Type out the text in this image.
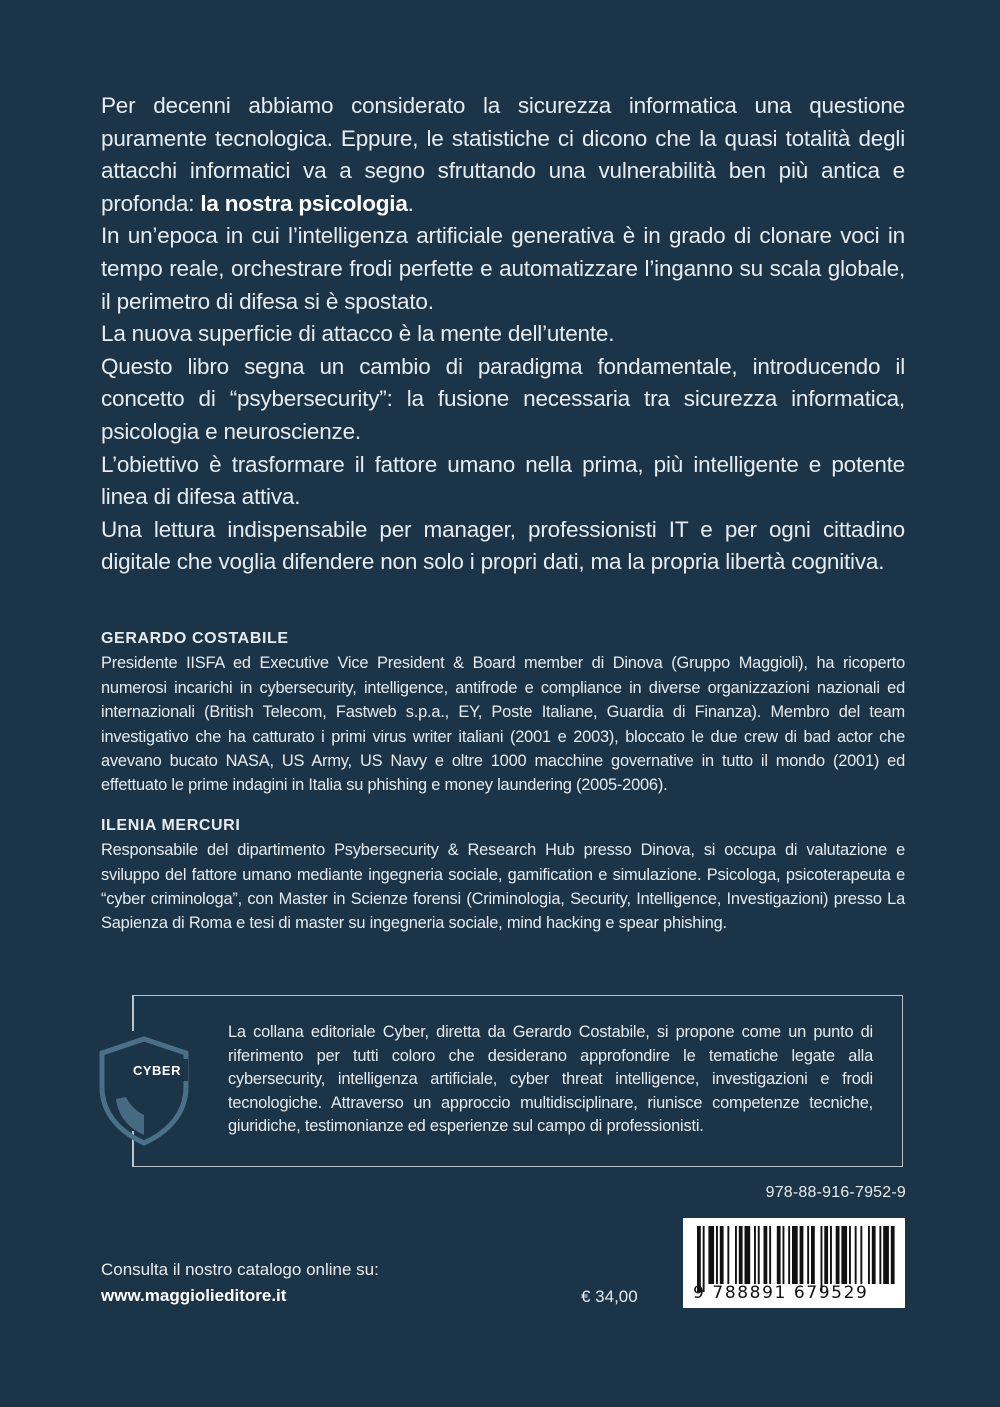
Per decenni abbiamo considerato la sicurezza informatica una questione puramente tecnologica. Eppure, le statistiche ci dicono che la quasi totalità degli attacchi informatici va a segno sfruttando una vulnerabilità ben più antica e profonda: la nostra psicologia.

In un’epoca in cui l’intelligenza artificiale generativa è in grado di clonare voci in tempo reale, orchestrare frodi perfette e automatizzare l’inganno su scala globale, il perimetro di difesa si è spostato.

La nuova superficie di attacco è la mente dell’utente.

Questo libro segna un cambio di paradigma fondamentale, introducendo il concetto di “psybersecurity”: la fusione necessaria tra sicurezza informatica, psicologia e neuroscienze.

L’obiettivo è trasformare il fattore umano nella prima, più intelligente e potente linea di difesa attiva.

Una lettura indispensabile per manager, professionisti IT e per ogni cittadino digitale che voglia difendere non solo i propri dati, ma la propria libertà cognitiva.

GERARDO COSTABILE

Presidente IISFA ed Executive Vice President & Board member di Dinova (Gruppo Maggioli), ha ricoperto numerosi incarichi in cybersecurity, intelligence, antifrode e compliance in diverse organizzazioni nazionali ed internazionali (British Telecom, Fastweb s.p.a., EY, Poste Italiane, Guardia di Finanza). Membro del team investigativo che ha catturato i primi virus writer italiani (2001 e 2003), bloccato le due crew di bad actor che avevano bucato NASA, US Army, US Navy e oltre 1000 macchine governative in tutto il mondo (2001) ed effettuato le prime indagini in Italia su phishing e money laundering (2005-2006).

ILENIA MERCURI

Responsabile del dipartimento Psybersecurity & Research Hub presso Dinova, si occupa di valutazione e sviluppo del fattore umano mediante ingegneria sociale, gamification e simulazione. Psicologa, psicoterapeuta e “cyber criminologa”, con Master in Scienze forensi (Criminologia, Security, Intelligence, Investigazioni) presso La Sapienza di Roma e tesi di master su ingegneria sociale, mind hacking e spear phishing.

CYBER

La collana editoriale Cyber, diretta da Gerardo Costabile, si propone come un punto di riferimento per tutti coloro che desiderano approfondire le tematiche legate alla cybersecurity, intelligenza artificiale, cyber threat intelligence, investigazioni e frodi tecnologiche. Attraverso un approccio multidisciplinare, riunisce competenze tecniche, giuridiche, testimonianze ed esperienze sul campo di professionisti.

978-88-916-7952-9
9 788891 679529
€ 34,00
Consulta il nostro catalogo online su:
www.maggiolieditore.it
